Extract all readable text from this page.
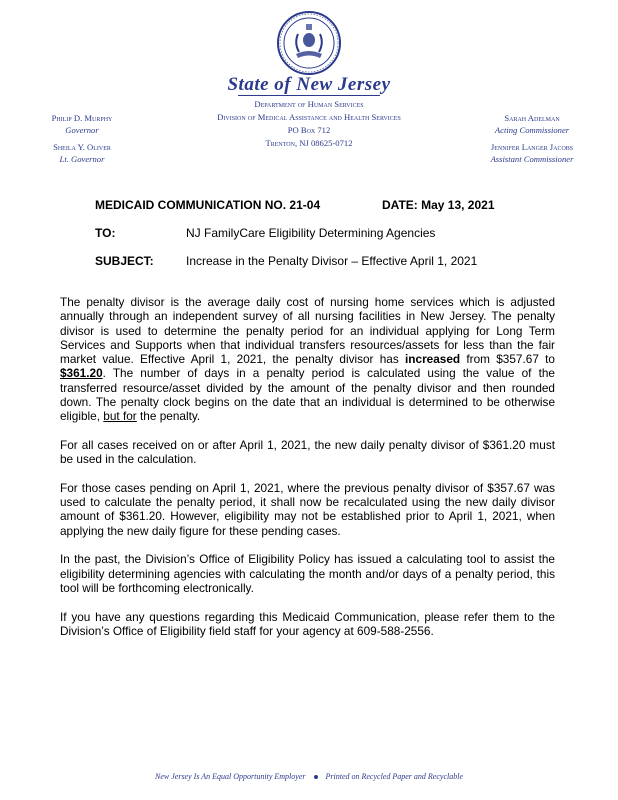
State of New Jersey
Department of Human Services
Division of Medical Assistance and Health Services
PO Box 712
Trenton, NJ 08625-0712
Philip D. Murphy
Governor
Sheila Y. Oliver
Lt. Governor
Sarah Adelman
Acting Commissioner
Jennifer Langer Jacobs
Assistant Commissioner
MEDICAID COMMUNICATION NO. 21-04	DATE: May 13, 2021
TO:	NJ FamilyCare Eligibility Determining Agencies
SUBJECT:	Increase in the Penalty Divisor – Effective April 1, 2021

The penalty divisor is the average daily cost of nursing home services which is adjusted annually through an independent survey of all nursing facilities in New Jersey. The penalty divisor is used to determine the penalty period for an individual applying for Long Term Services and Supports when that individual transfers resources/assets for less than the fair market value. Effective April 1, 2021, the penalty divisor has increased from $357.67 to $361.20. The number of days in a penalty period is calculated using the value of the transferred resource/asset divided by the amount of the penalty divisor and then rounded down. The penalty clock begins on the date that an individual is determined to be otherwise eligible, but for the penalty.

For all cases received on or after April 1, 2021, the new daily penalty divisor of $361.20 must be used in the calculation.

For those cases pending on April 1, 2021, where the previous penalty divisor of $357.67 was used to calculate the penalty period, it shall now be recalculated using the new daily divisor amount of $361.20. However, eligibility may not be established prior to April 1, 2021, when applying the new daily figure for these pending cases.

In the past, the Division’s Office of Eligibility Policy has issued a calculating tool to assist the eligibility determining agencies with calculating the month and/or days of a penalty period, this tool will be forthcoming electronically.

If you have any questions regarding this Medicaid Communication, please refer them to the Division’s Office of Eligibility field staff for your agency at 609-588-2556.

New Jersey Is An Equal Opportunity Employer	Printed on Recycled Paper and Recyclable
